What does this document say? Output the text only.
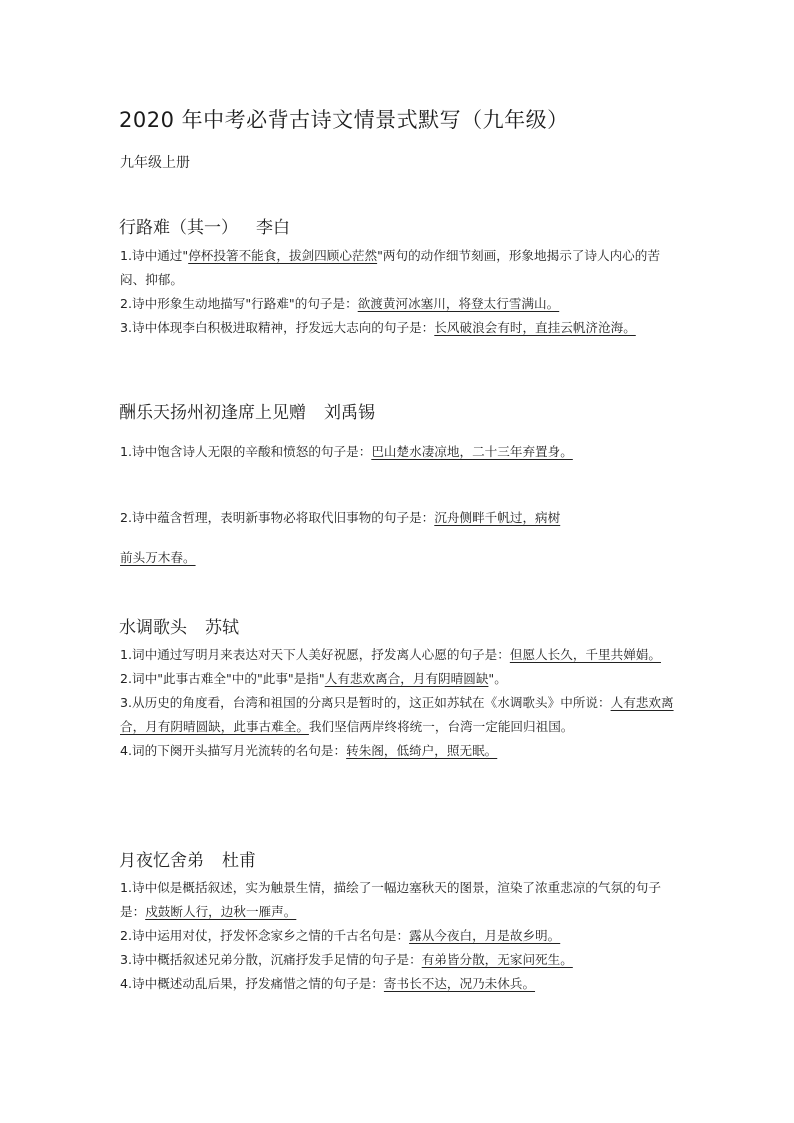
2020 年中考必背古诗文情景式默写（九年级）
九年级上册
行路难（其一） 李白

1.诗中通过"停杯投箸不能食，拔剑四顾心茫然"两句的动作细节刻画，形象地揭示了诗人内心的苦闷、抑郁。

2.诗中形象生动地描写"行路难"的句子是：欲渡黄河冰塞川，将登太行雪满山。

3.诗中体现李白积极进取精神，抒发远大志向的句子是：长风破浪会有时，直挂云帆济沧海。

酬乐天扬州初逢席上见赠 刘禹锡

1.诗中饱含诗人无限的辛酸和愤怒的句子是：巴山楚水凄凉地，二十三年弃置身。

2.诗中蕴含哲理，表明新事物必将取代旧事物的句子是：沉舟侧畔千帆过，病树

前头万木春。

水调歌头 苏轼

1.词中通过写明月来表达对天下人美好祝愿，抒发离人心愿的句子是：但愿人长久，千里共婵娟。

2.词中"此事古难全"中的"此事"是指"人有悲欢离合，月有阴晴圆缺"。

3.从历史的角度看，台湾和祖国的分离只是暂时的，这正如苏轼在《水调歌头》中所说：人有悲欢离合，月有阴晴圆缺，此事古难全。我们坚信两岸终将统一，台湾一定能回归祖国。

4.词的下阕开头描写月光流转的名句是：转朱阁，低绮户，照无眠。

月夜忆舍弟 杜甫

1.诗中似是概括叙述，实为触景生情，描绘了一幅边塞秋天的图景，渲染了浓重悲凉的气氛的句子是：戍鼓断人行，边秋一雁声。

2.诗中运用对仗，抒发怀念家乡之情的千古名句是：露从今夜白，月是故乡明。

3.诗中概括叙述兄弟分散，沉痛抒发手足情的句子是：有弟皆分散，无家问死生。

4.诗中概述动乱后果，抒发痛惜之情的句子是：寄书长不达，况乃未休兵。
